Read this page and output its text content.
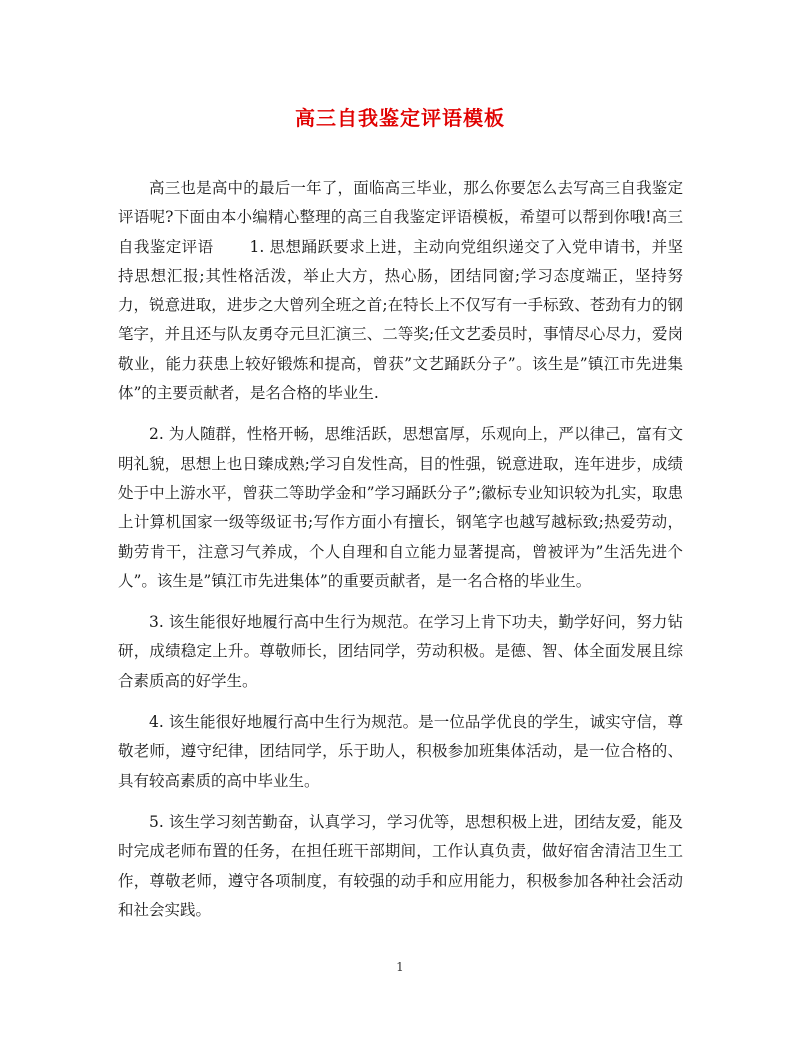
高三自我鉴定评语模板

高三也是高中的最后一年了，面临高三毕业，那么你要怎么去写高三自我鉴定评语呢?下面由本小编精心整理的高三自我鉴定评语模板，希望可以帮到你哦!高三自我鉴定评语 1. 思想踊跃要求上进，主动向党组织递交了入党申请书，并坚持思想汇报;其性格活泼，举止大方，热心肠，团结同窗;学习态度端正，坚持努力，锐意进取，进步之大曾列全班之首;在特长上不仅写有一手标致、苍劲有力的钢笔字，并且还与队友勇夺元旦汇演三、二等奖;任文艺委员时，事情尽心尽力，爱岗敬业，能力获患上较好锻炼和提高，曾获”文艺踊跃分子”。该生是”镇江市先进集体”的主要贡献者，是名合格的毕业生.

2. 为人随群，性格开畅，思维活跃，思想富厚，乐观向上，严以律己，富有文明礼貌，思想上也日臻成熟;学习自发性高，目的性强，锐意进取，连年进步，成绩处于中上游水平，曾获二等助学金和”学习踊跃分子”;徽标专业知识较为扎实，取患上计算机国家一级等级证书;写作方面小有擅长，钢笔字也越写越标致;热爱劳动，勤劳肯干，注意习气养成，个人自理和自立能力显著提高，曾被评为”生活先进个人”。该生是”镇江市先进集体”的重要贡献者，是一名合格的毕业生。

3. 该生能很好地履行高中生行为规范。在学习上肯下功夫，勤学好问，努力钻研，成绩稳定上升。尊敬师长，团结同学，劳动积极。是德、智、体全面发展且综合素质高的好学生。

4. 该生能很好地履行高中生行为规范。是一位品学优良的学生，诚实守信，尊敬老师，遵守纪律，团结同学，乐于助人，积极参加班集体活动，是一位合格的、具有较高素质的高中毕业生。

5. 该生学习刻苦勤奋，认真学习，学习优等，思想积极上进，团结友爱，能及时完成老师布置的任务，在担任班干部期间，工作认真负责，做好宿舍清洁卫生工作，尊敬老师，遵守各项制度，有较强的动手和应用能力，积极参加各种社会活动和社会实践。

1
